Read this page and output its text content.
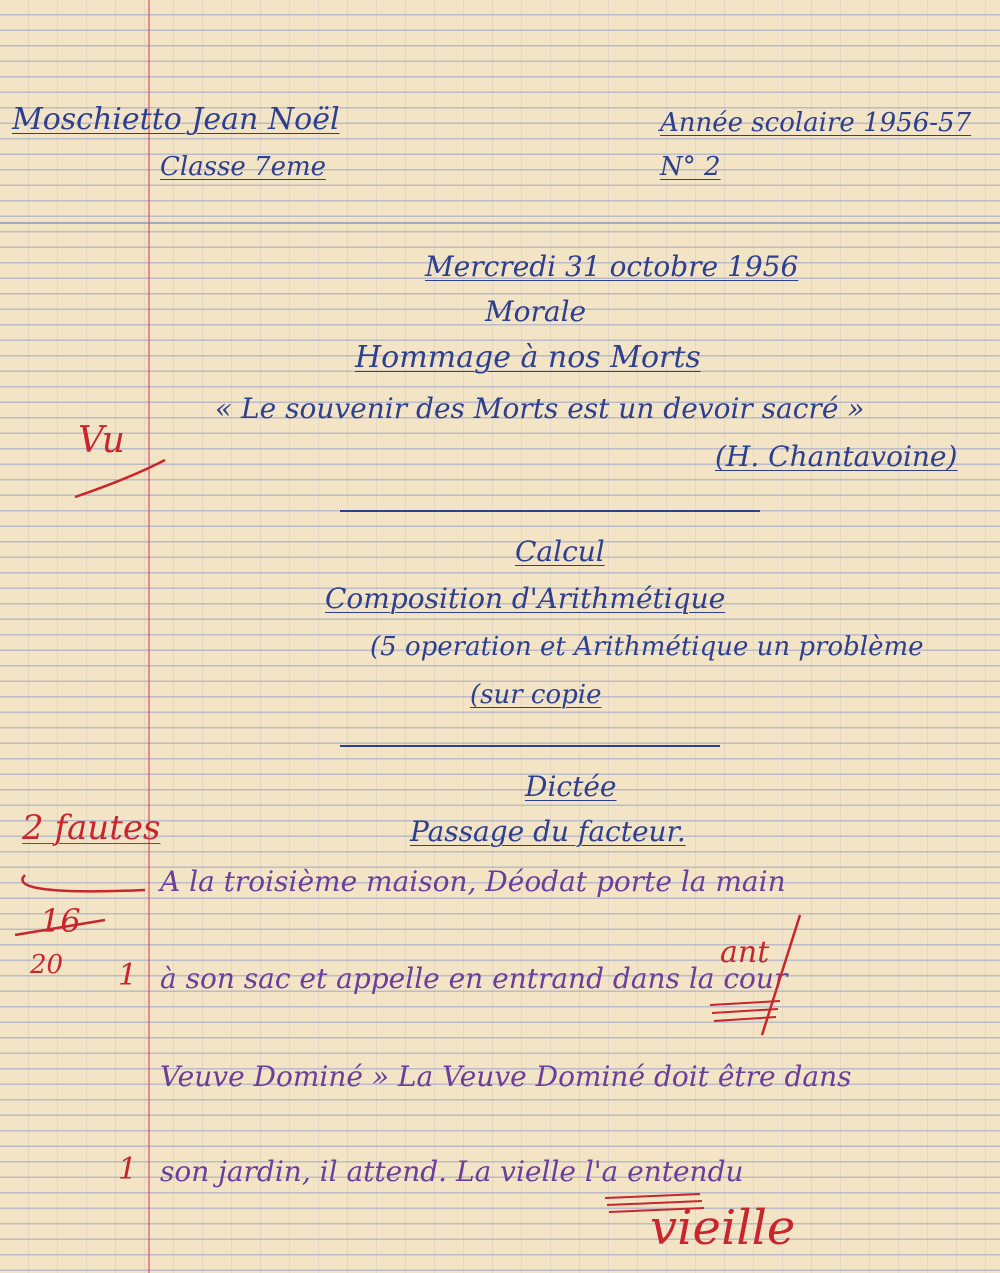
Moschietto Jean Noël
Classe 7eme
Année scolaire 1956-57
N° 2
Mercredi 31 octobre 1956
Morale
Hommage à nos Morts
« Le souvenir des Morts est un devoir sacré »
(H. Chantavoine)
Vu
Calcul
Composition d'Arithmétique
(5 operation et Arithmétique un problème
(sur copie
Dictée
Passage du facteur.
2 fautes
16
20
A la troisième maison, Déodat porte la main
1 à son sac et appelle en entrand dans la cour
ant
Veuve Dominé » La Veuve Dominé doit être dans
1 son jardin, il attend. La vielle l'a entendu
vieille
